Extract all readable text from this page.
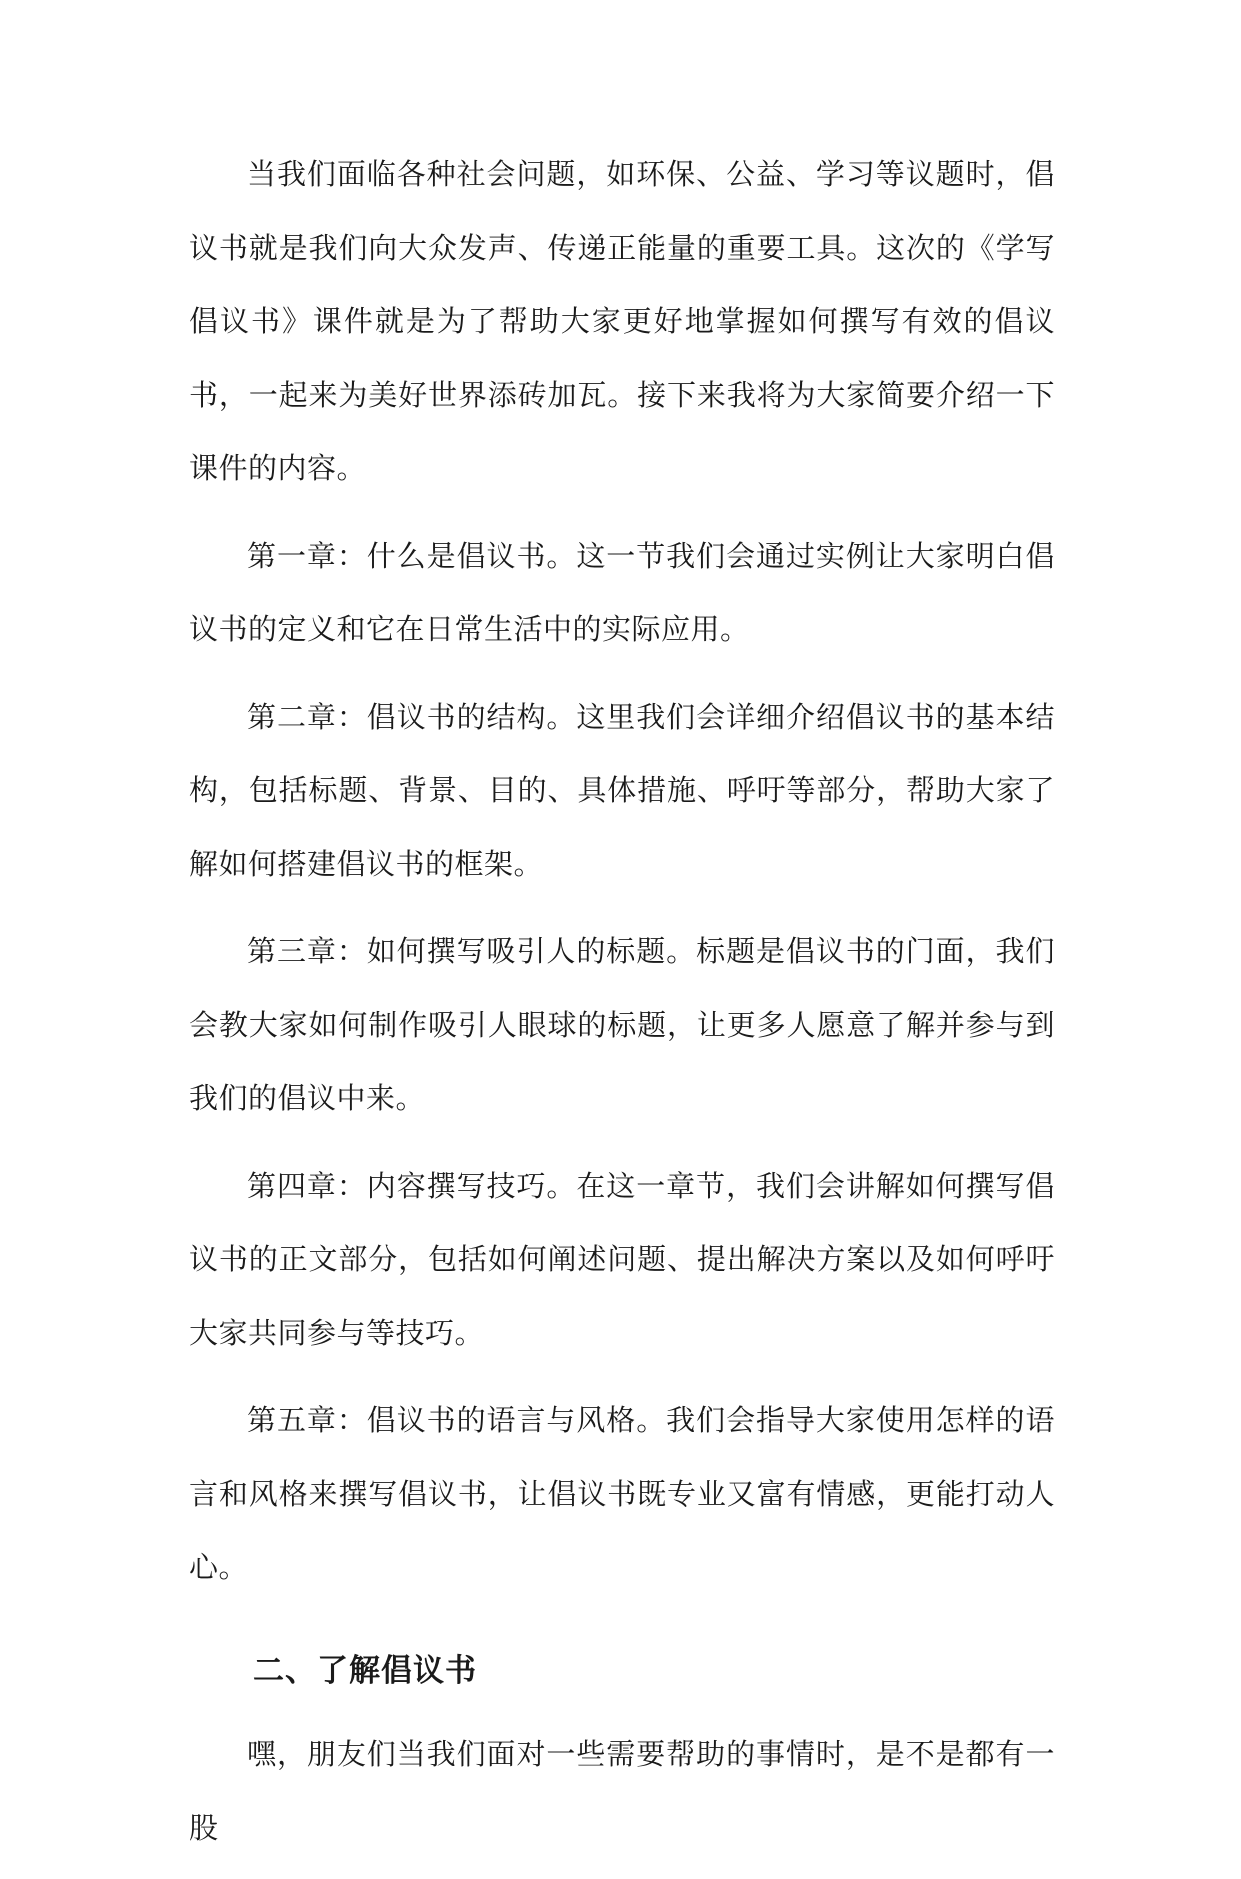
当我们面临各种社会问题，如环保、公益、学习等议题时，倡议书就是我们向大众发声、传递正能量的重要工具。这次的《学写倡议书》课件就是为了帮助大家更好地掌握如何撰写有效的倡议书，一起来为美好世界添砖加瓦。接下来我将为大家简要介绍一下课件的内容。

第一章：什么是倡议书。这一节我们会通过实例让大家明白倡议书的定义和它在日常生活中的实际应用。

第二章：倡议书的结构。这里我们会详细介绍倡议书的基本结构，包括标题、背景、目的、具体措施、呼吁等部分，帮助大家了解如何搭建倡议书的框架。

第三章：如何撰写吸引人的标题。标题是倡议书的门面，我们会教大家如何制作吸引人眼球的标题，让更多人愿意了解并参与到我们的倡议中来。

第四章：内容撰写技巧。在这一章节，我们会讲解如何撰写倡议书的正文部分，包括如何阐述问题、提出解决方案以及如何呼吁大家共同参与等技巧。

第五章：倡议书的语言与风格。我们会指导大家使用怎样的语言和风格来撰写倡议书，让倡议书既专业又富有情感，更能打动人心。

二、了解倡议书

嘿，朋友们当我们面对一些需要帮助的事情时，是不是都有一股
